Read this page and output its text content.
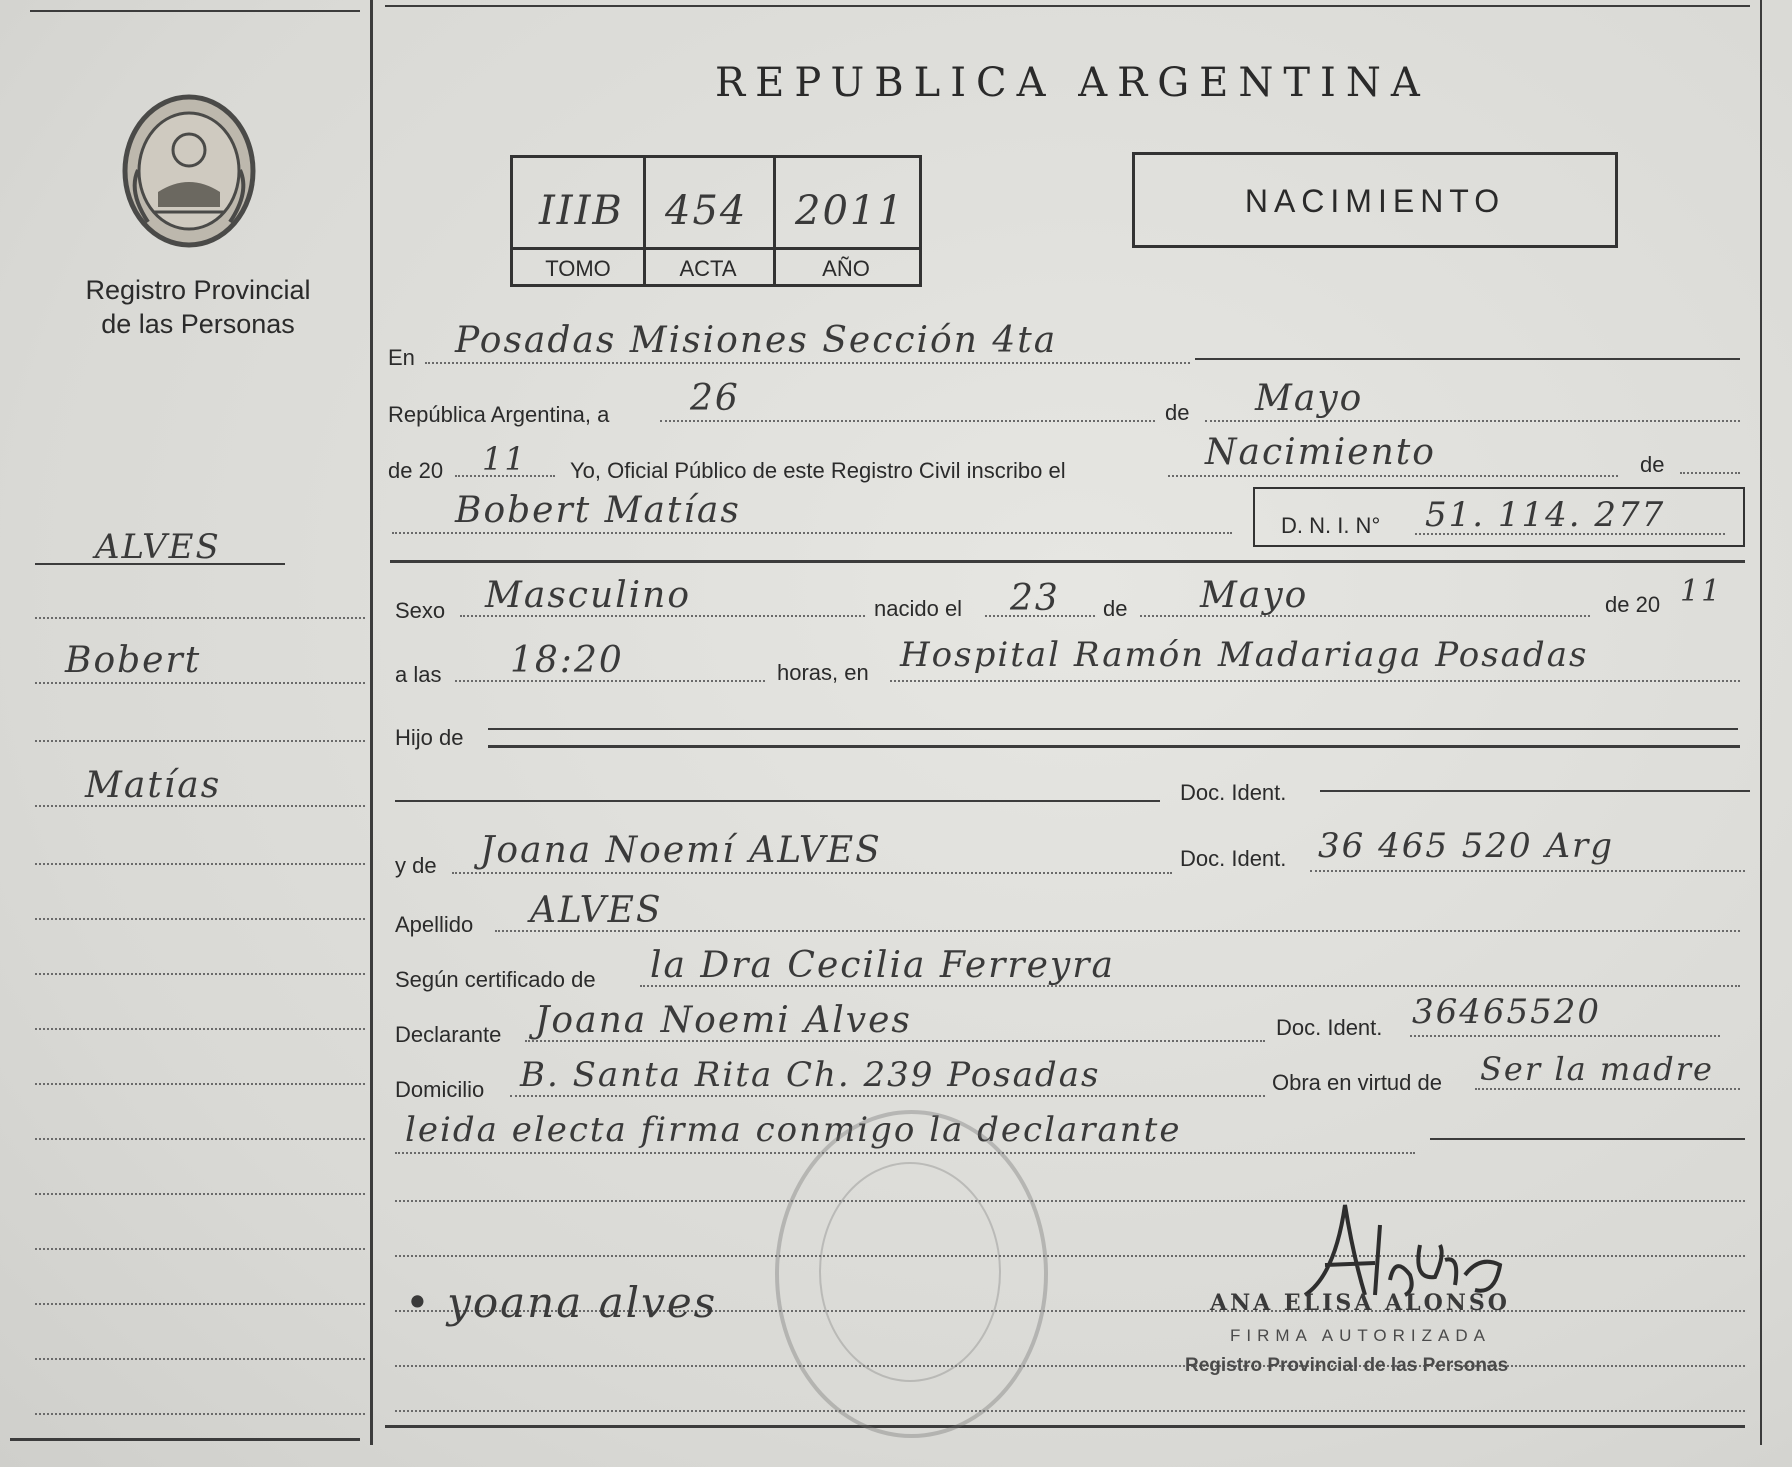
Registro Provincial
de las Personas
REPUBLICA ARGENTINA
IIIB 454 2011
TOMO	ACTA	AÑO
NACIMIENTO
ALVES
Bobert
Matías
En Posadas Misiones Sección 4ta
República Argentina, a 26	de Mayo
de 20 11 Yo, Oficial Público de este Registro Civil inscribo el	Nacimiento	de
Bobert Matías	D. N. I. N° 51. 114. 277
Sexo Masculino	nacido el 23 de Mayo	de 20 11
a las 18:20	horas, en Hospital Ramón Madariaga Posadas
Hijo de
Doc. Ident.
y de Joana Noemí ALVES	Doc. Ident. 36 465 520 Arg
Apellido ALVES
Según certificado de la Dra Cecilia Ferreyra
Declarante Joana Noemi Alves	Doc. Ident. 36465520
Domicilio B. Santa Rita Ch. 239 Posadas	Obra en virtud de Ser la madre
leida electa firma conmigo la declarante
• yoana alves	ANA ELISA ALONSO
FIRMA AUTORIZADA
Registro Provincial de las Personas
